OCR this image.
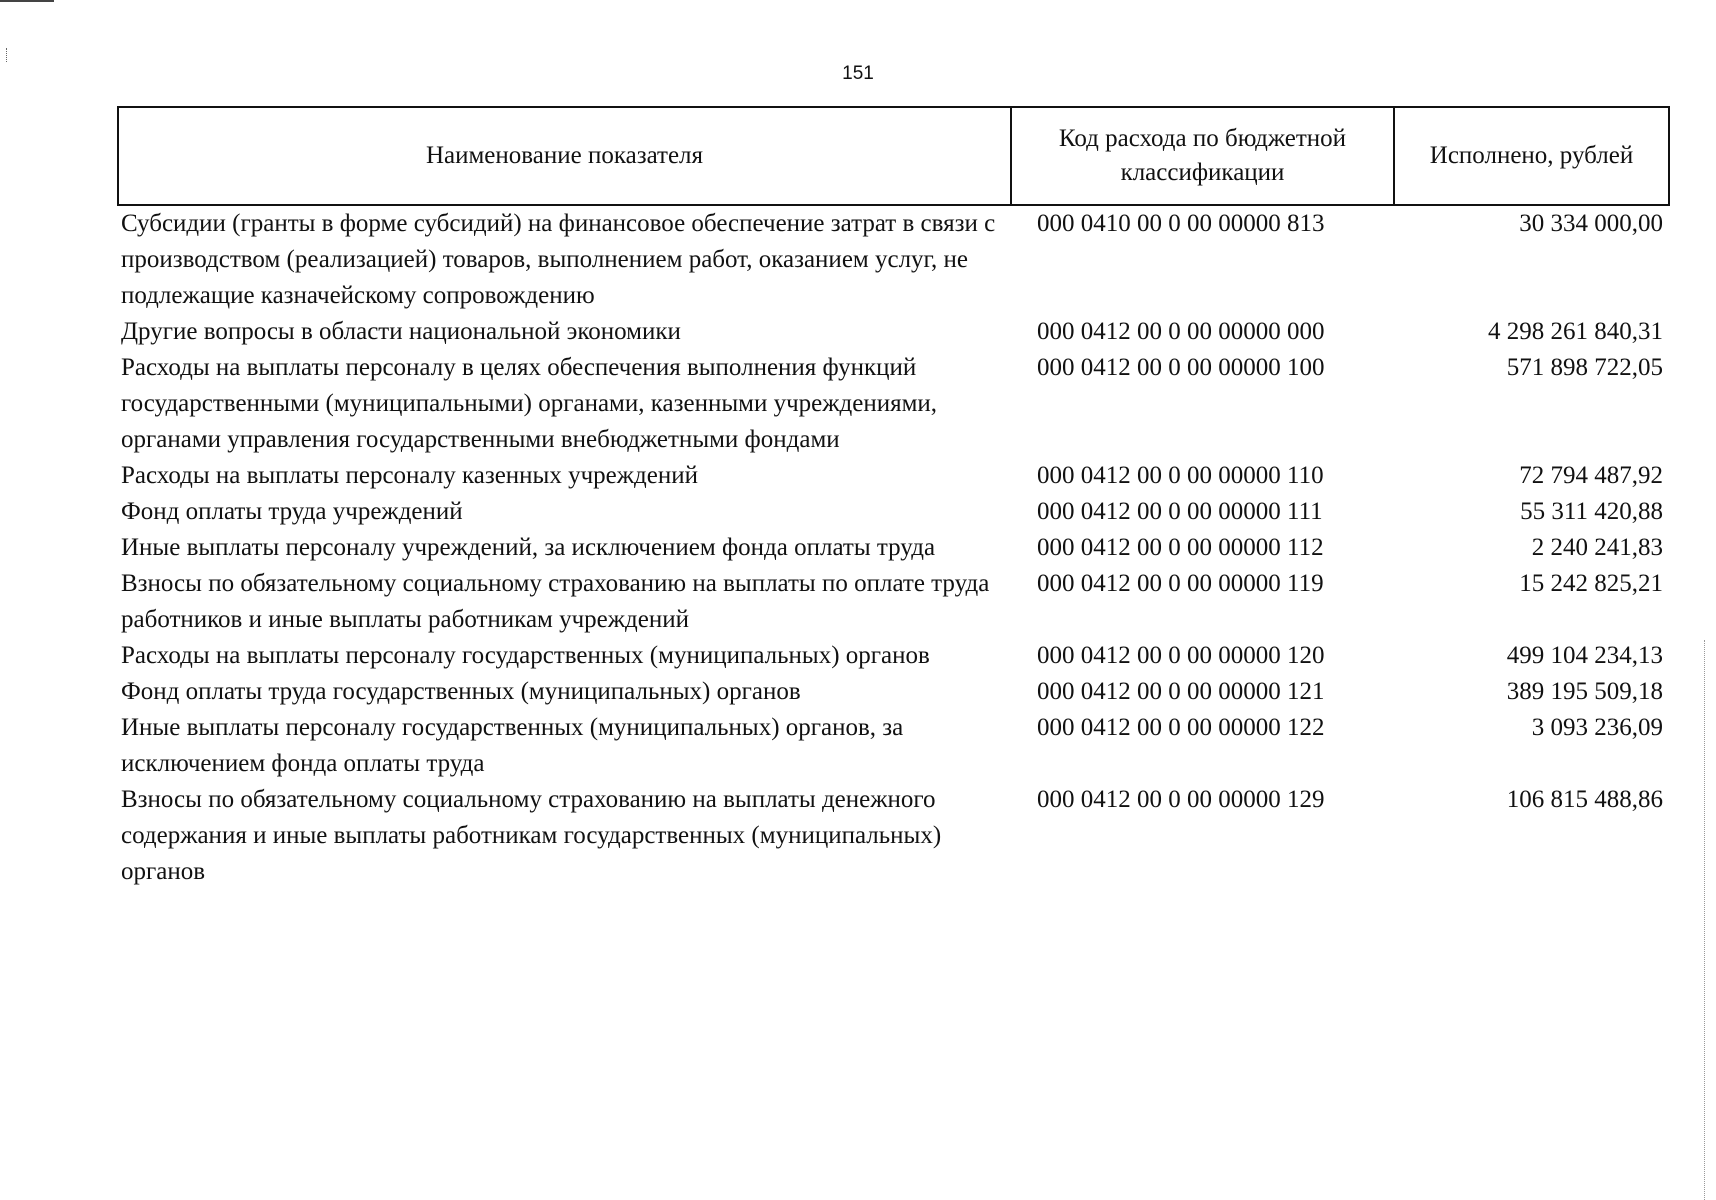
151
Наименование показателя	Код расхода по бюджетной классификации	Исполнено, рублей
Субсидии (гранты в форме субсидий) на финансовое обеспечение затрат в связи с производством (реализацией) товаров, выполнением работ, оказанием услуг, не подлежащие казначейскому сопровождению	000 0410 00 0 00 00000 813	30 334 000,00
Другие вопросы в области национальной экономики	000 0412 00 0 00 00000 000	4 298 261 840,31
Расходы на выплаты персоналу в целях обеспечения выполнения функций государственными (муниципальными) органами, казенными учреждениями, органами управления государственными внебюджетными фондами	000 0412 00 0 00 00000 100	571 898 722,05
Расходы на выплаты персоналу казенных учреждений	000 0412 00 0 00 00000 110	72 794 487,92
Фонд оплаты труда учреждений	000 0412 00 0 00 00000 111	55 311 420,88
Иные выплаты персоналу учреждений, за исключением фонда оплаты труда	000 0412 00 0 00 00000 112	2 240 241,83
Взносы по обязательному социальному страхованию на выплаты по оплате труда работников и иные выплаты работникам учреждений	000 0412 00 0 00 00000 119	15 242 825,21
Расходы на выплаты персоналу государственных (муниципальных) органов	000 0412 00 0 00 00000 120	499 104 234,13
Фонд оплаты труда государственных (муниципальных) органов	000 0412 00 0 00 00000 121	389 195 509,18
Иные выплаты персоналу государственных (муниципальных) органов, за исключением фонда оплаты труда	000 0412 00 0 00 00000 122	3 093 236,09
Взносы по обязательному социальному страхованию на выплаты денежного содержания и иные выплаты работникам государственных (муниципальных) органов	000 0412 00 0 00 00000 129	106 815 488,86
